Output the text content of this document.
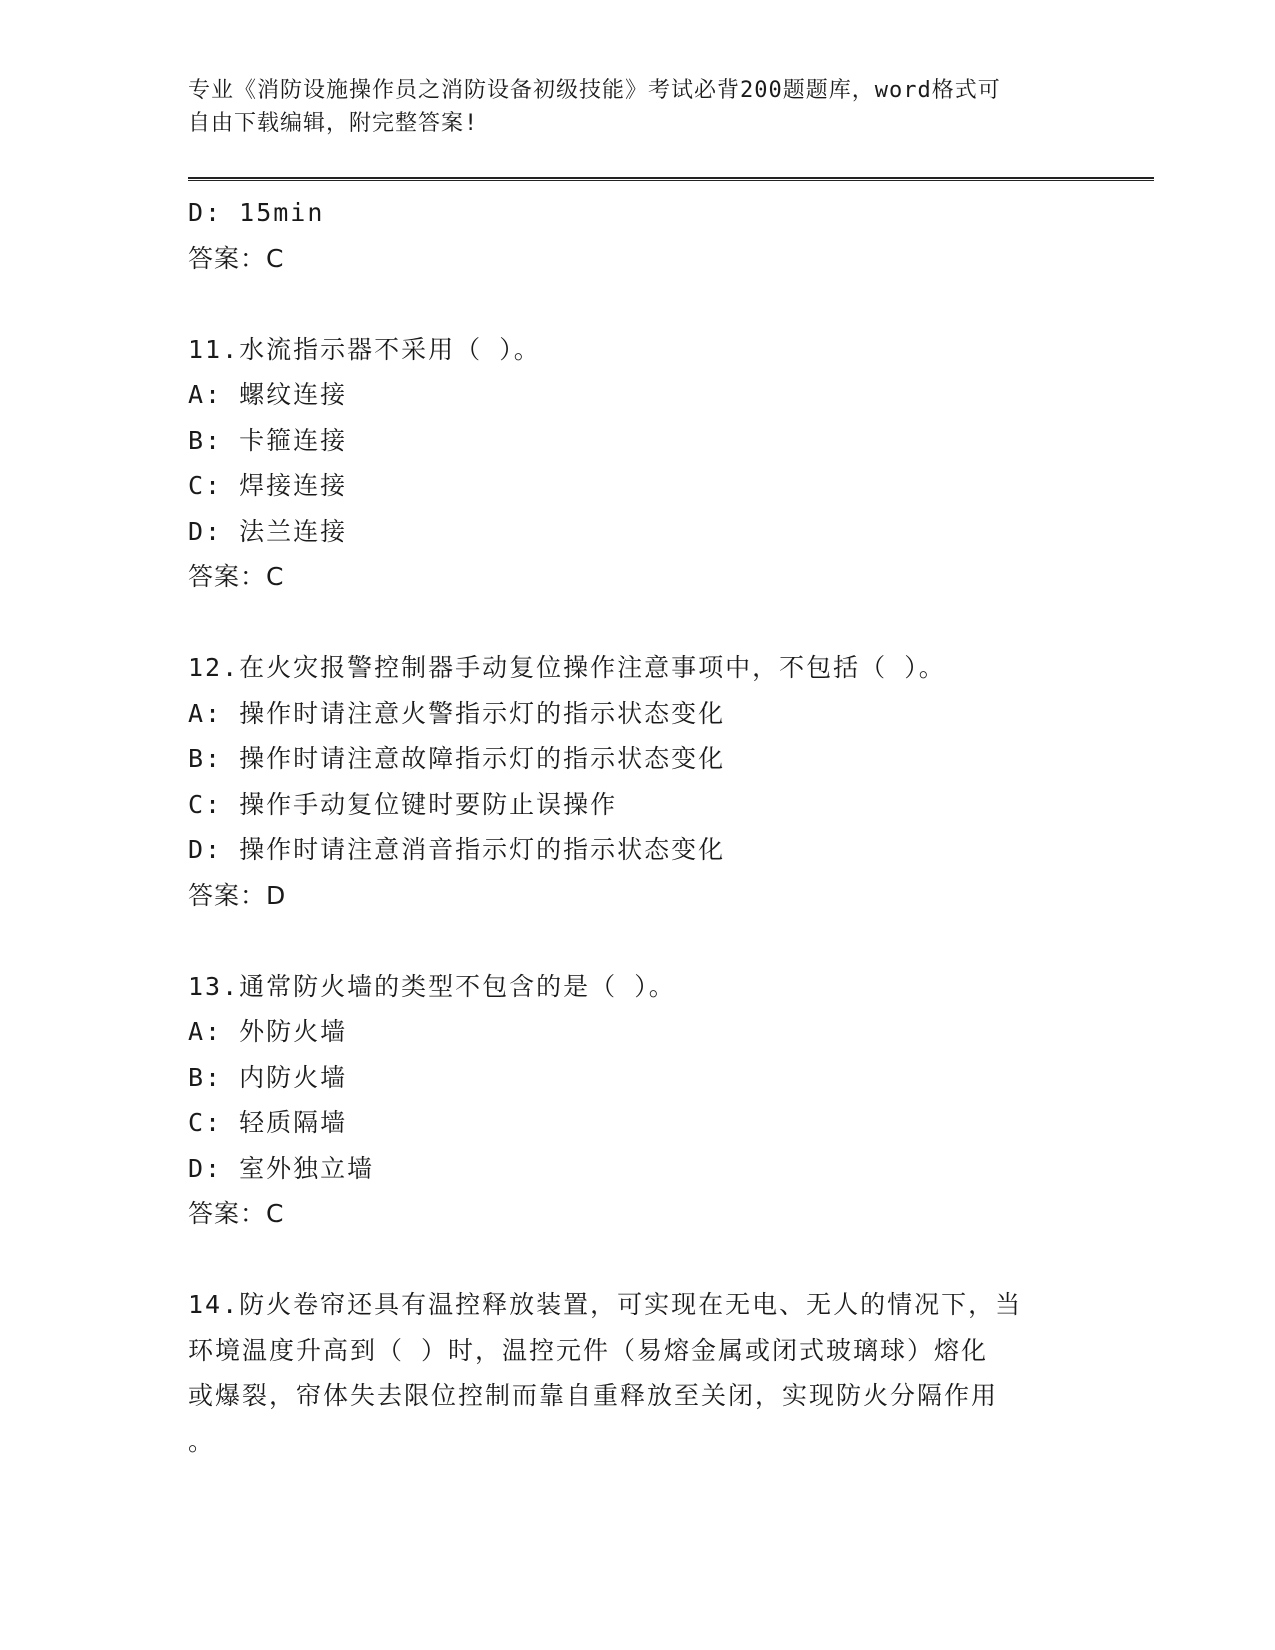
专业《消防设施操作员之消防设备初级技能》考试必背200题题库，word格式可
自由下载编辑，附完整答案!
D: 15min
答案：C
11.水流指示器不采用（ ）。
A: 螺纹连接
B: 卡箍连接
C: 焊接连接
D: 法兰连接
答案：C
12.在火灾报警控制器手动复位操作注意事项中，不包括（ ）。
A: 操作时请注意火警指示灯的指示状态变化
B: 操作时请注意故障指示灯的指示状态变化
C: 操作手动复位键时要防止误操作
D: 操作时请注意消音指示灯的指示状态变化
答案：D
13.通常防火墙的类型不包含的是（ ）。
A: 外防火墙
B: 内防火墙
C: 轻质隔墙
D: 室外独立墙
答案：C
14.防火卷帘还具有温控释放装置，可实现在无电、无人的情况下，当
环境温度升高到（ ）时，温控元件（易熔金属或闭式玻璃球）熔化
或爆裂，帘体失去限位控制而靠自重释放至关闭，实现防火分隔作用
。
